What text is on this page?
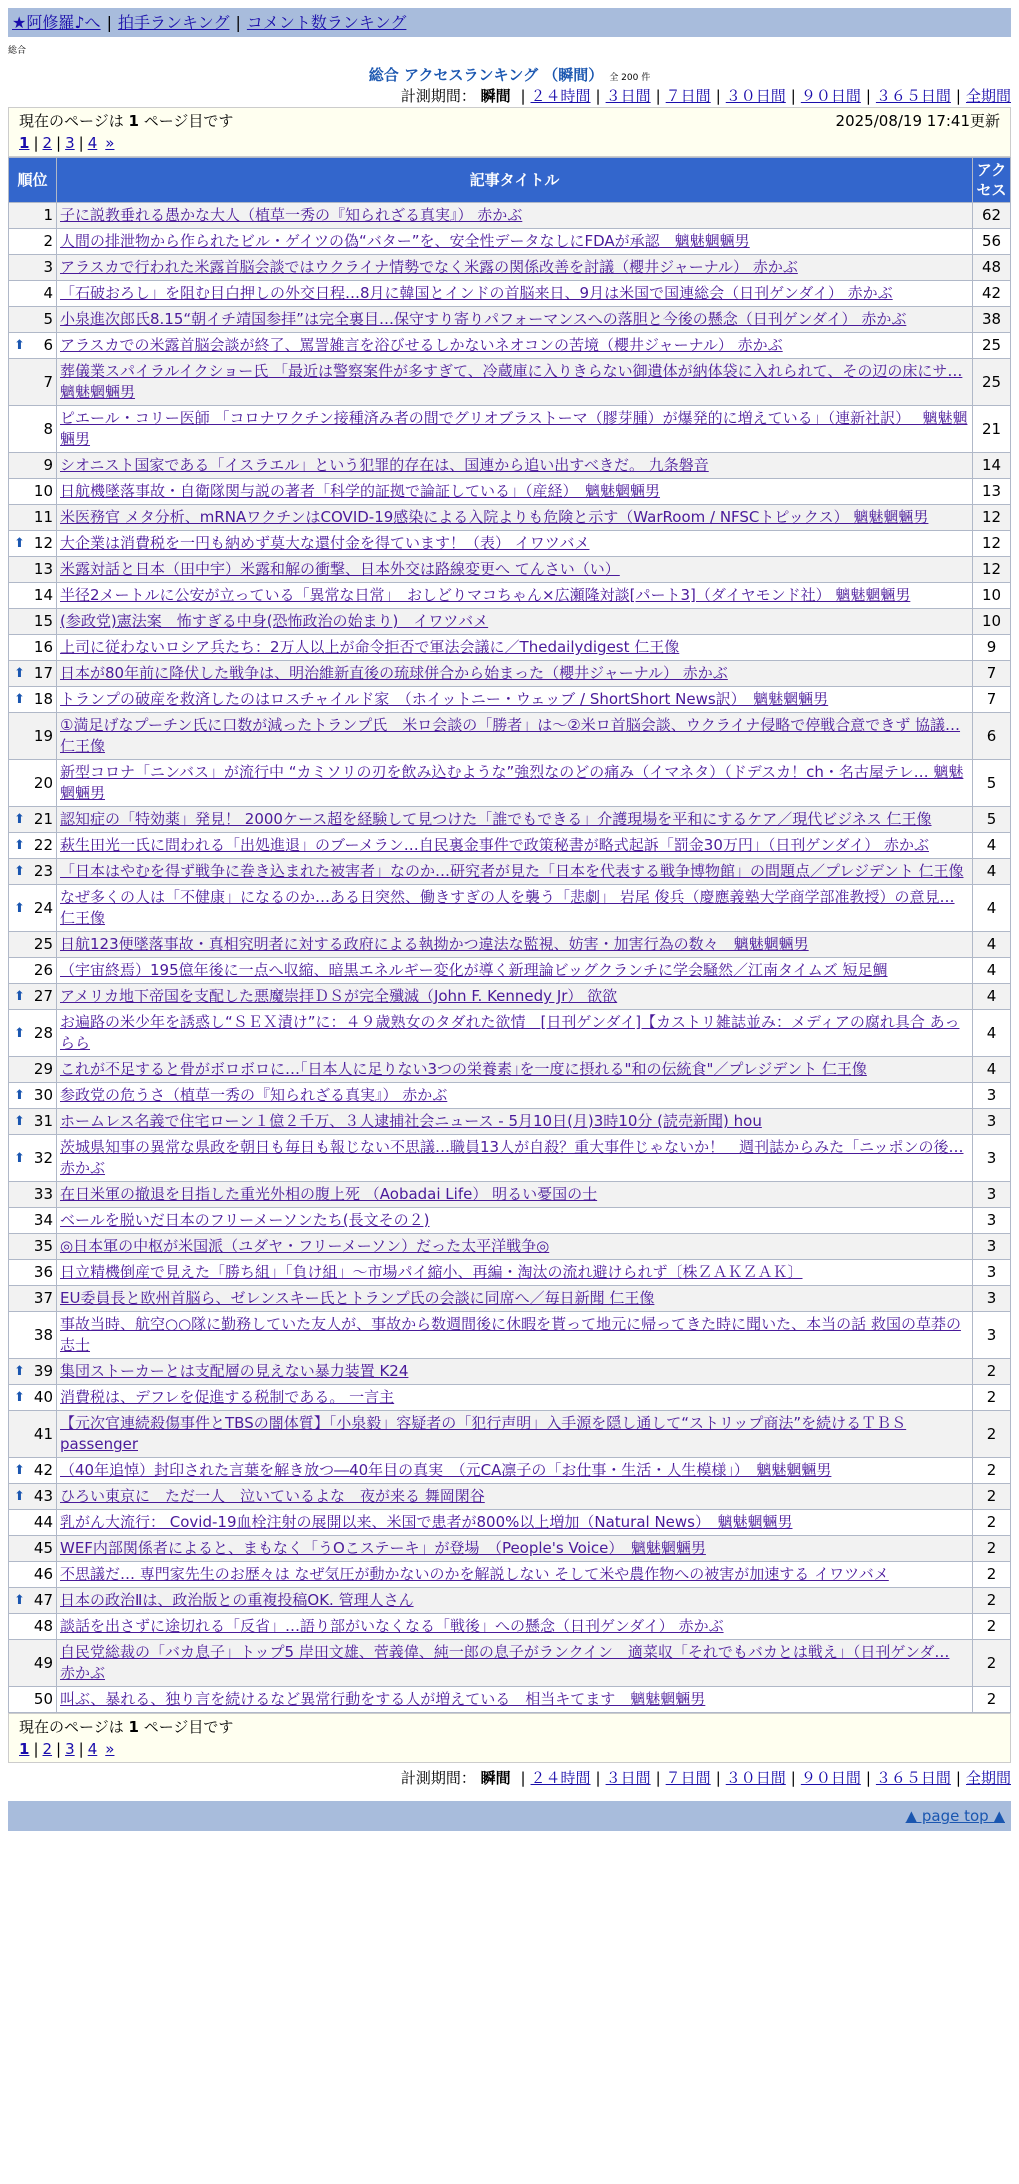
★阿修羅♪へ | 拍手ランキング | コメント数ランキング
総合
総合 アクセスランキング （瞬間） 全 200 件
計測期間： 瞬間 | ２４時間 | ３日間 | ７日間 | ３０日間 | ９０日間 | ３６５日間 | 全期間
現在のページは 1 ページ目です	2025/08/19 17:41更新
1 | 2 | 3 | 4 »
順位	記事タイトル	アクセス
1	子に説教垂れる愚かな大人（植草一秀の『知られざる真実』） 赤かぶ	62
2	人間の排泄物から作られたビル・ゲイツの偽“バター”を、安全性データなしにFDAが承認　魑魅魍魎男	56
3	アラスカで行われた米露首脳会談ではウクライナ情勢でなく米露の関係改善を討議（櫻井ジャーナル） 赤かぶ	48
4	「石破おろし」を阻む目白押しの外交日程…8月に韓国とインドの首脳来日、9月は米国で国連総会（日刊ゲンダイ） 赤かぶ	42
5	小泉進次郎氏8.15“朝イチ靖国参拝”は完全裏目…保守すり寄りパフォーマンスへの落胆と今後の懸念（日刊ゲンダイ） 赤かぶ	38

⬆ 6	アラスカでの米露首脳会談が終了、罵詈雑言を浴びせるしかないネオコンの苦境（櫻井ジャーナル） 赤かぶ	25
7	葬儀業スパイラルイクショー氏 「最近は警察案件が多すぎて、冷蔵庫に入りきらない御遺体が納体袋に入れられて、その辺の床にサ… 魑魅魍魎男	25
8	ピエール・コリー医師 「コロナワクチン接種済み者の間でグリオブラストーマ（膠芽腫）が爆発的に増えている」（連新社訳）　 魑魅魍魎男	21
9	シオニスト国家である「イスラエル」という犯罪的存在は、国連から追い出すべきだ。 九条磐音	14
10	日航機墜落事故・自衛隊関与説の著者「科学的証拠で論証している」（産経）　魑魅魍魎男	13
11	米医務官 メタ分析、mRNAワクチンはCOVID-19感染による入院よりも危険と示す（WarRoom / NFSCトピックス） 魑魅魍魎男	12

⬆ 12	大企業は消費税を一円も納めず莫大な還付金を得ています！（表） イワツバメ	12
13	米露対話と日本（田中宇）米露和解の衝撃、日本外交は路線変更へ てんさい（い）	12
14	半径2メートルに公安が立っている「異常な日常」　おしどりマコちゃん×広瀬隆対談[パート3]（ダイヤモンド社） 魑魅魍魎男	10
15	(参政党)憲法案　怖すぎる中身(恐怖政治の始まり)　イワツバメ	10
16	上司に従わないロシア兵たち：2万人以上が命令拒否で軍法会議に／Thedailydigest 仁王像	9

⬆ 17	日本が80年前に降伏した戦争は、明治維新直後の琉球併合から始まった（櫻井ジャーナル） 赤かぶ	7

⬆ 18	トランプの破産を救済したのはロスチャイルド家　（ホイットニー・ウェッブ / ShortShort News訳）　魑魅魍魎男	7
19	①満足げなプーチン氏に口数が減ったトランプ氏　米ロ会談の「勝者」は～②米ロ首脳会談、ウクライナ侵略で停戦合意できず 協議… 仁王像	6
20	新型コロナ「ニンバス」が流行中 “カミソリの刃を飲み込むような”強烈なのどの痛み（イマネタ）（ドデスカ！ch・名古屋テレ… 魑魅魍魎男	5

⬆ 21	認知症の「特効薬」発見！ 2000ケース超を経験して見つけた「誰でもできる」介護現場を平和にするケア／現代ビジネス 仁王像	5

⬆ 22	萩生田光一氏に問われる「出処進退」のブーメラン…自民裏金事件で政策秘書が略式起訴「罰金30万円」（日刊ゲンダイ） 赤かぶ	4

⬆ 23	「日本はやむを得ず戦争に巻き込まれた被害者」なのか…研究者が見た「日本を代表する戦争博物館」の問題点／プレジデント 仁王像	4

⬆ 24	なぜ多くの人は「不健康」になるのか…ある日突然、働きすぎの人を襲う「悲劇」 岩尾 俊兵（慶應義塾大学商学部准教授）の意見… 仁王像	4
25	日航123便墜落事故・真相究明者に対する政府による執拗かつ違法な監視、妨害・加害行為の数々　魑魅魍魎男	4
26	（宇宙終焉）195億年後に一点へ収縮、暗黒エネルギー変化が導く新理論ビッグクランチに学会騒然／江南タイムズ 短足鯛	4

⬆ 27	アメリカ地下帝国を支配した悪魔崇拝ＤＳが完全殲滅（John F. Kennedy Jr） 欲欲	4

⬆ 28	お遍路の米少年を誘惑し“ＳＥＸ漬け”に：４９歳熟女のタダれた欲情　[日刊ゲンダイ]【カストリ雑誌並み：メディアの腐れ具合 あっらら	4
29	これが不足すると骨がボロボロに…｢日本人に足りない3つの栄養素｣を一度に摂れる"和の伝統食"／プレジデント 仁王像	4

⬆ 30	参政党の危うさ（植草一秀の『知られざる真実』） 赤かぶ	3

⬆ 31	ホームレス名義で住宅ローン１億２千万、３人逮捕社会ニュース - 5月10日(月)3時10分 (読売新聞) hou	3

⬆ 32	茨城県知事の異常な県政を朝日も毎日も報じない不思議…職員13人が自殺？重大事件じゃないか！　週刊誌からみた「ニッポンの後… 赤かぶ	3
33	在日米軍の撤退を目指した重光外相の腹上死 （Aobadai Life） 明るい憂国の士	3
34	ベールを脱いだ日本のフリーメーソンたち(長文その２)	3
35	◎日本軍の中枢が米国派（ユダヤ・フリーメーソン）だった太平洋戦争◎	3
36	日立精機倒産で見えた「勝ち組」「負け組」～市場パイ縮小、再編・淘汰の流れ避けられず〔株ＺＡＫＺＡＫ〕	3
37	EU委員長と欧州首脳ら、ゼレンスキー氏とトランプ氏の会談に同席へ／毎日新聞 仁王像	3
38	事故当時、航空○○隊に勤務していた友人が、事故から数週間後に休暇を貰って地元に帰ってきた時に聞いた、本当の話 救国の草莽の志士	3

⬆ 39	集団ストーカーとは支配層の見えない暴力装置 K24	2

⬆ 40	消費税は、デフレを促進する税制である。 一言主	2
41	【元次官連続殺傷事件とTBSの闇体質】「小泉毅」容疑者の「犯行声明」入手源を隠し通して“ストリップ商法”を続けるＴＢＳ passenger	2

⬆ 42	（40年追悼）封印された言葉を解き放つ―40年目の真実　（元CA凛子の「お仕事・生活・人生模様」）　魑魅魍魎男	2

⬆ 43	ひろい東京に　ただ一人　泣いているよな　夜が来る 舞岡閑谷	2
44	乳がん大流行： Covid-19血栓注射の展開以来、米国で患者が800%以上増加（Natural News）　魑魅魍魎男	2
45	WEF内部関係者によると、まもなく「うOこステーキ」が登場　（People's Voice）　魑魅魍魎男	2
46	不思議だ… 専門家先生のお歴々は なぜ気圧が動かないのかを解説しない そして米や農作物への被害が加速する イワツバメ	2

⬆ 47	日本の政治Ⅱは、政治版との重複投稿OK. 管理人さん	2
48	談話を出さずに途切れる「反省」…語り部がいなくなる「戦後」への懸念（日刊ゲンダイ） 赤かぶ	2
49	自民党総裁の「バカ息子」トップ5 岸田文雄、菅義偉、純一郎の息子がランクイン　適菜収「それでもバカとは戦え」（日刊ゲンダ… 赤かぶ	2
50	叫ぶ、暴れる、独り言を続けるなど異常行動をする人が増えている　相当キてます　魑魅魍魎男	2
現在のページは 1 ページ目です
1 | 2 | 3 | 4 »
計測期間： 瞬間 | ２４時間 | ３日間 | ７日間 | ３０日間 | ９０日間 | ３６５日間 | 全期間
▲ page top ▲
